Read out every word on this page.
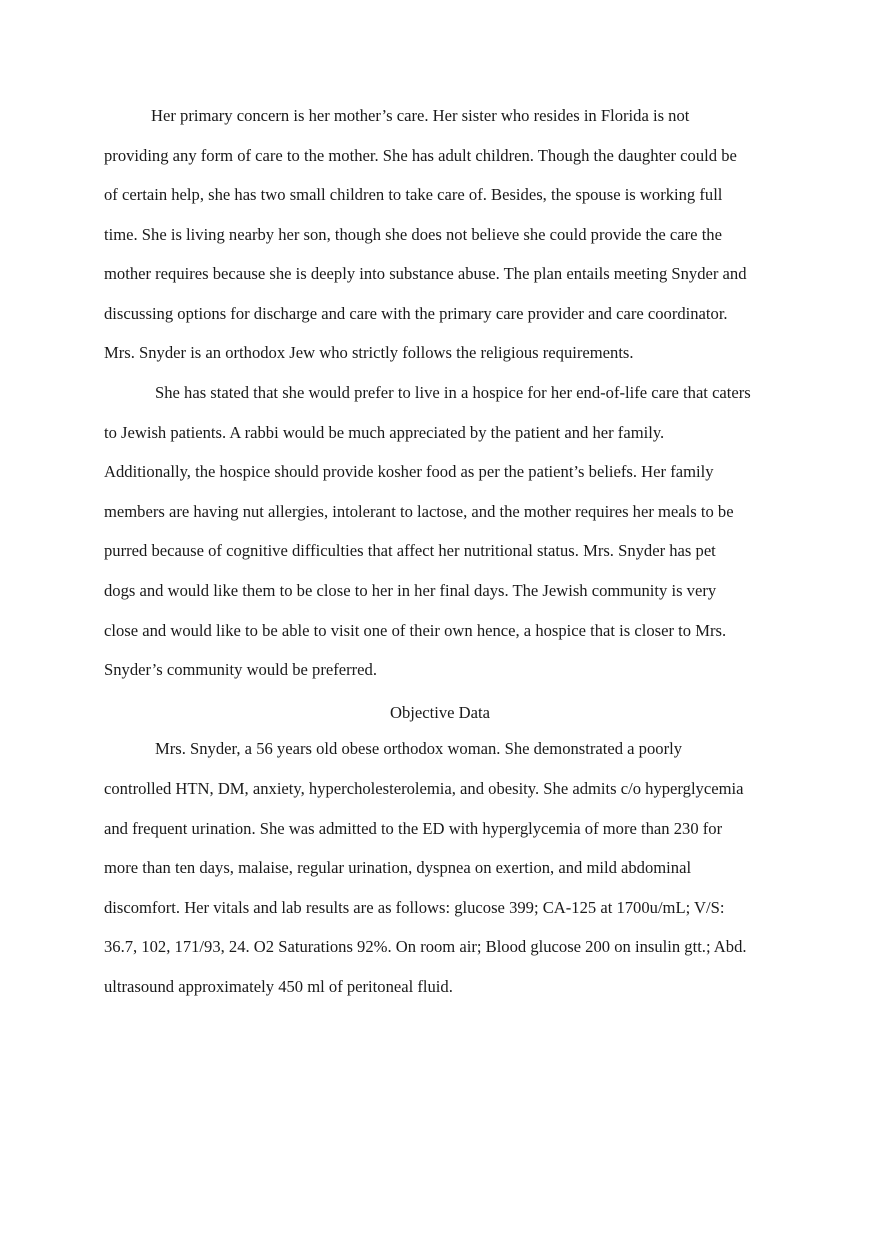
Her primary concern is her mother’s care. Her sister who resides in Florida is not

providing any form of care to the mother. She has adult children. Though the daughter could be

of certain help, she has two small children to take care of. Besides, the spouse is working full

time. She is living nearby her son, though she does not believe she could provide the care the

mother requires because she is deeply into substance abuse. The plan entails meeting Snyder and

discussing options for discharge and care with the primary care provider and care coordinator.

Mrs. Snyder is an orthodox Jew who strictly follows the religious requirements.

She has stated that she would prefer to live in a hospice for her end-of-life care that caters

to Jewish patients. A rabbi would be much appreciated by the patient and her family.

Additionally, the hospice should provide kosher food as per the patient’s beliefs. Her family

members are having nut allergies, intolerant to lactose, and the mother requires her meals to be

purred because of cognitive difficulties that affect her nutritional status. Mrs. Snyder has pet

dogs and would like them to be close to her in her final days. The Jewish community is very

close and would like to be able to visit one of their own hence, a hospice that is closer to Mrs.

Snyder’s community would be preferred.

Objective Data

Mrs. Snyder, a 56 years old obese orthodox woman. She demonstrated a poorly

controlled HTN, DM, anxiety, hypercholesterolemia, and obesity. She admits c/o hyperglycemia

and frequent urination. She was admitted to the ED with hyperglycemia of more than 230 for

more than ten days, malaise, regular urination, dyspnea on exertion, and mild abdominal

discomfort. Her vitals and lab results are as follows: glucose 399; CA-125 at 1700u/mL; V/S:

36.7, 102, 171/93, 24. O2 Saturations 92%. On room air; Blood glucose 200 on insulin gtt.; Abd.

ultrasound approximately 450 ml of peritoneal fluid.
